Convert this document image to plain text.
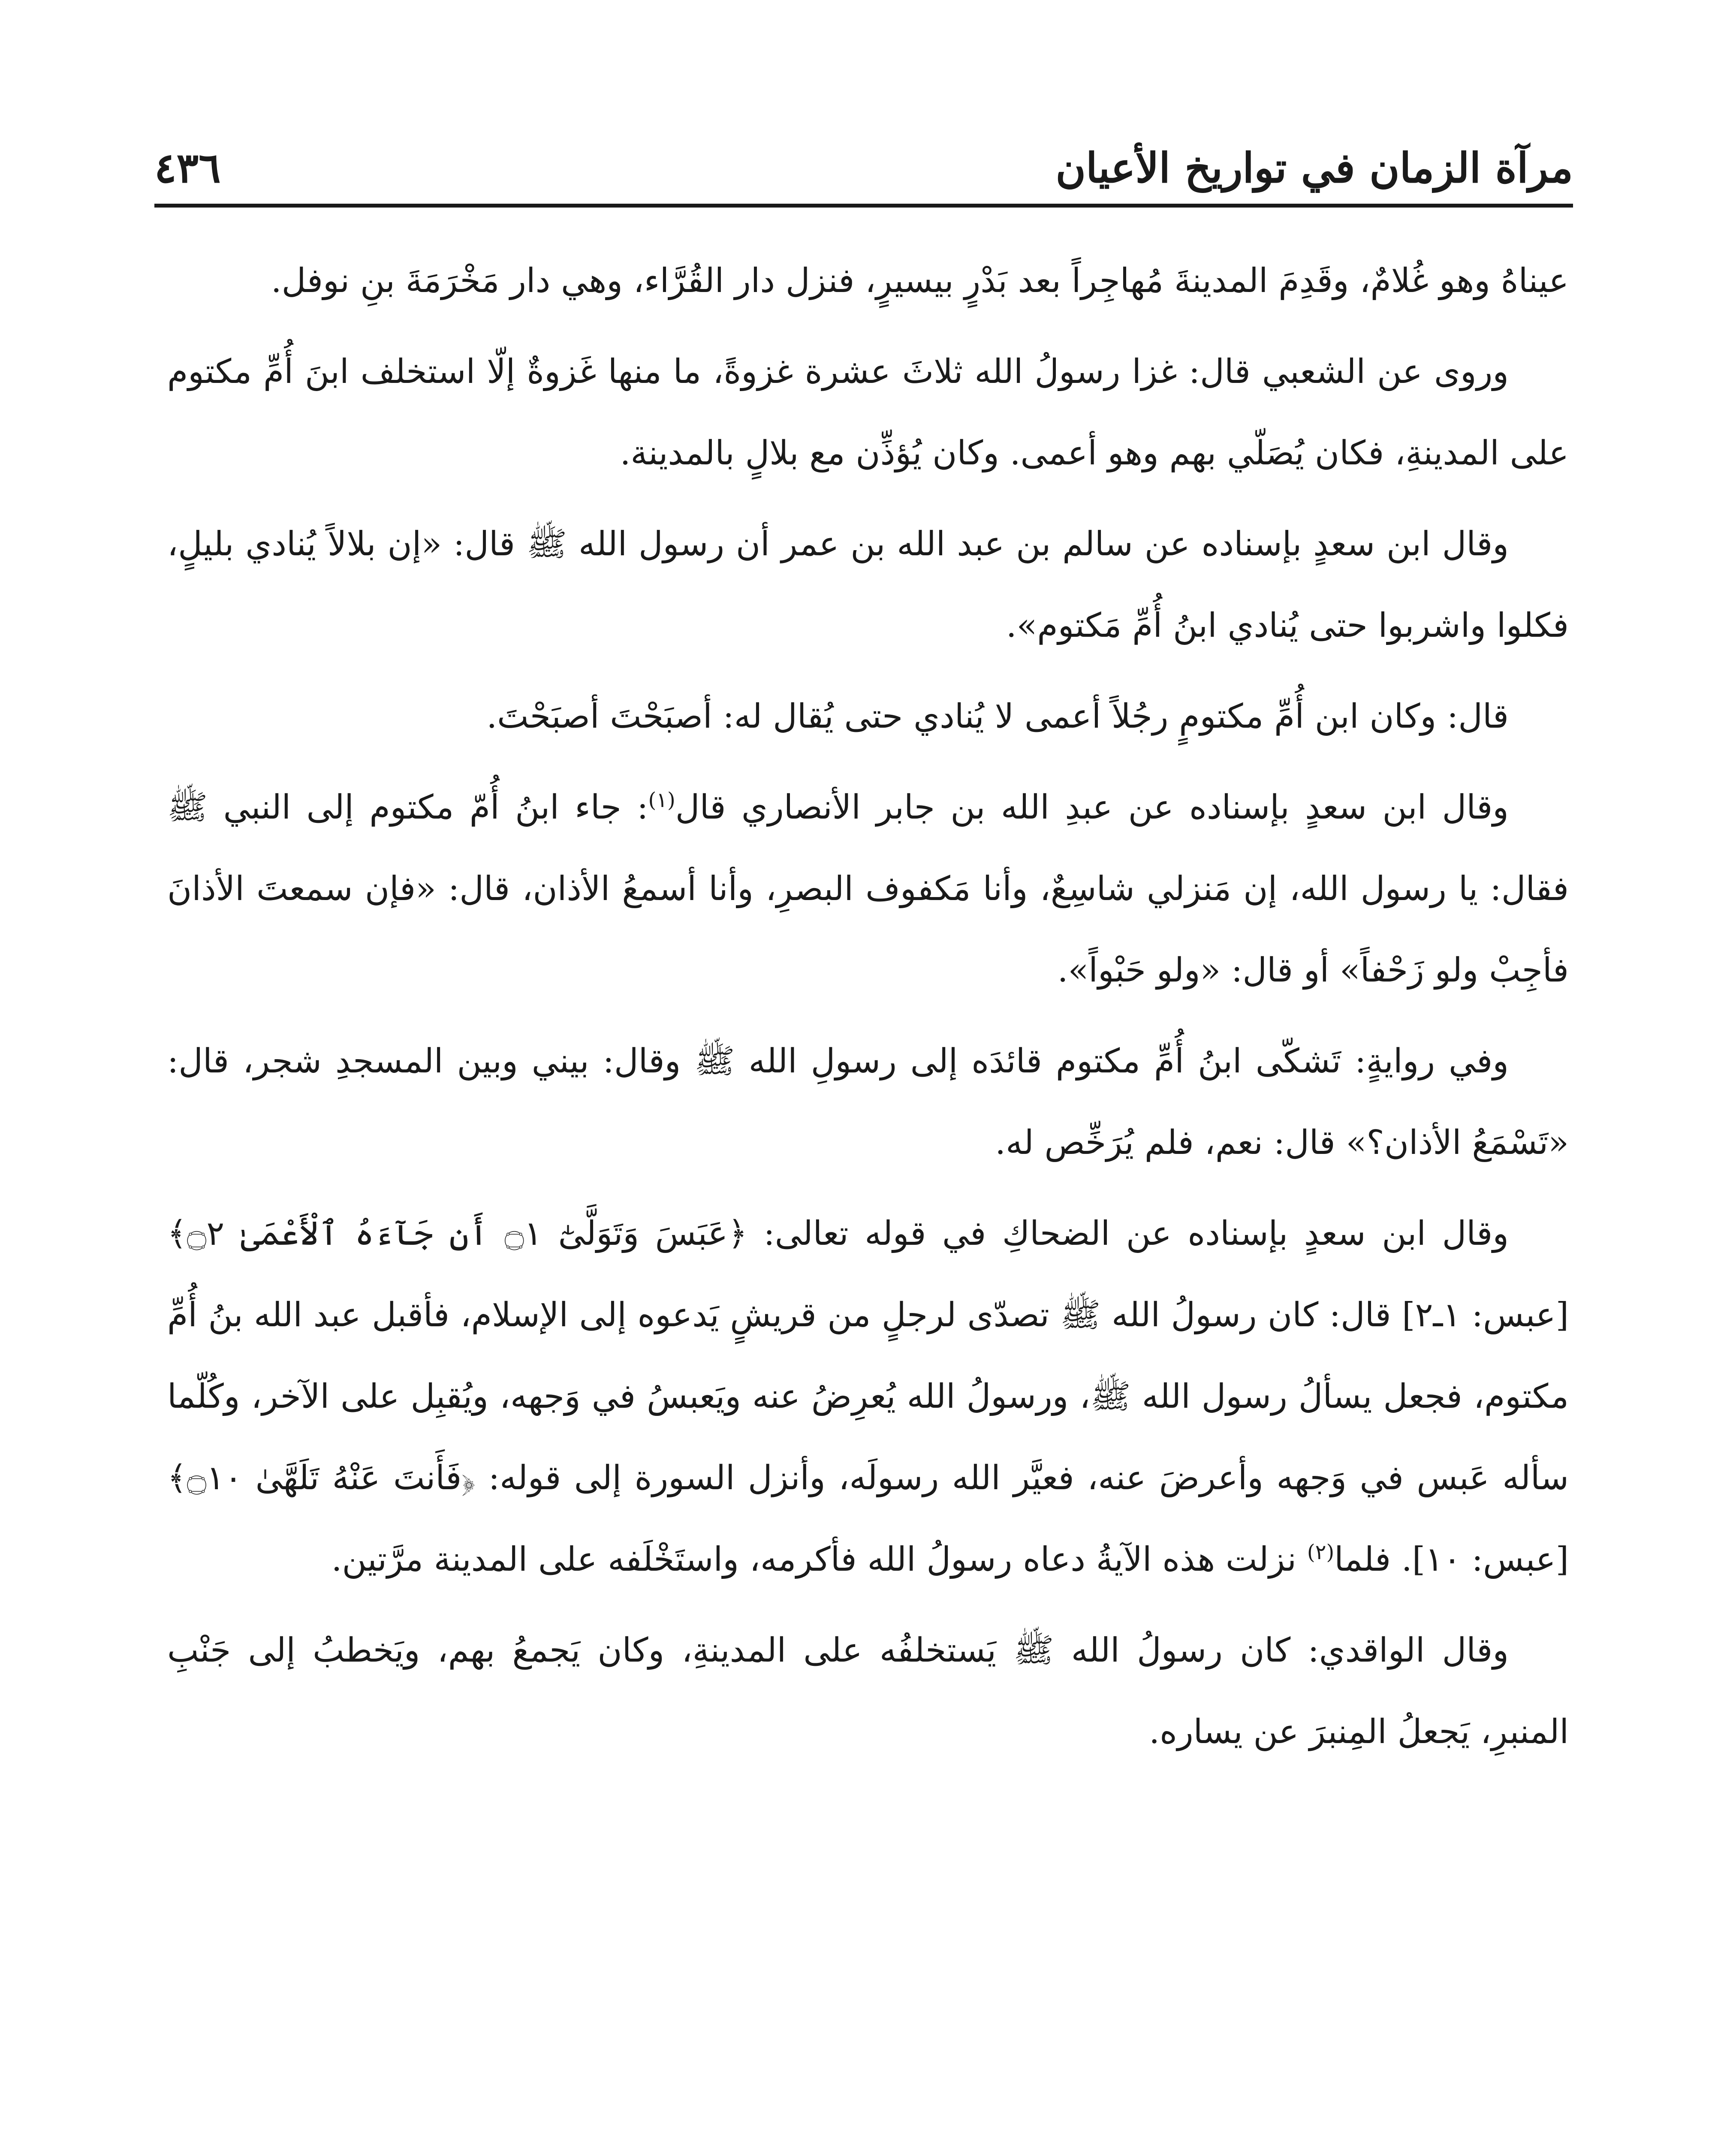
مرآة الزمان في تواريخ الأعيان
٤٣٦

عيناهُ وهو غُلامٌ، وقَدِمَ المدينةَ مُهاجِراً بعد بَدْرٍ بيسيرٍ، فنزل دار القُرَّاء، وهي دار مَخْرَمَةَ بنِ نوفل.

وروى عن الشعبي قال: غزا رسولُ الله ثلاثَ عشرة غزوةً، ما منها غَزوةٌ إلّا استخلف ابنَ أُمِّ مكتوم على المدينةِ، فكان يُصَلّي بهم وهو أعمى. وكان يُؤذِّن مع بلالٍ بالمدينة.

وقال ابن سعدٍ بإسناده عن سالم بن عبد الله بن عمر أن رسول الله ﷺ قال: «إن بلالاً يُنادي بليلٍ، فكلوا واشربوا حتى يُنادي ابنُ أُمِّ مَكتوم».

قال: وكان ابن أُمِّ مكتومٍ رجُلاً أعمى لا يُنادي حتى يُقال له: أصبَحْتَ أصبَحْتَ.

وقال ابن سعدٍ بإسناده عن عبدِ الله بن جابر الأنصاري قال$^{(١)}$: جاء ابنُ أُمّ مكتوم إلى النبي ﷺ فقال: يا رسول الله، إن مَنزلي شاسِعٌ، وأنا مَكفوف البصرِ، وأنا أسمعُ الأذان، قال: «فإن سمعتَ الأذانَ فأجِبْ ولو زَحْفاً» أو قال: «ولو حَبْواً».

وفي روايةٍ: تَشكّى ابنُ أُمِّ مكتوم قائدَه إلى رسولِ الله ﷺ وقال: بيني وبين المسجدِ شجر، قال: «تَسْمَعُ الأذان؟» قال: نعم، فلم يُرَخِّص له.

وقال ابن سعدٍ بإسناده عن الضحاكِ في قوله تعالى: ﴿عَبَسَ وَتَوَلَّىٰٓ ۝١ أَن جَآءَهُ ٱلْأَعْمَىٰ ۝٢﴾[عبس: ١ـ٢] قال: كان رسولُ الله ﷺ تصدّى لرجلٍ من قريشٍ يَدعوه إلى الإسلام، فأقبل عبد الله بنُ أُمِّ مكتوم، فجعل يسألُ رسول الله ﷺ، ورسولُ الله يُعرِضُ عنه ويَعبسُ في وَجهه، ويُقبِل على الآخر، وكُلّما سأله عَبس في وَجهه وأعرضَ عنه، فعيَّر الله رسولَه، وأنزل السورة إلى قوله: ﴿فَأَنتَ عَنْهُ تَلَهَّىٰ ۝١٠﴾[عبس: ١٠]. فلما$^{(٢)}$ نزلت هذه الآيةُ دعاه رسولُ الله فأكرمه، واستَخْلَفه على المدينة مرَّتين.

وقال الواقدي: كان رسولُ الله ﷺ يَستخلفُه على المدينةِ، وكان يَجمعُ بهم، ويَخطبُ إلى جَنْبِ المنبرِ، يَجعلُ المِنبرَ عن يساره.
